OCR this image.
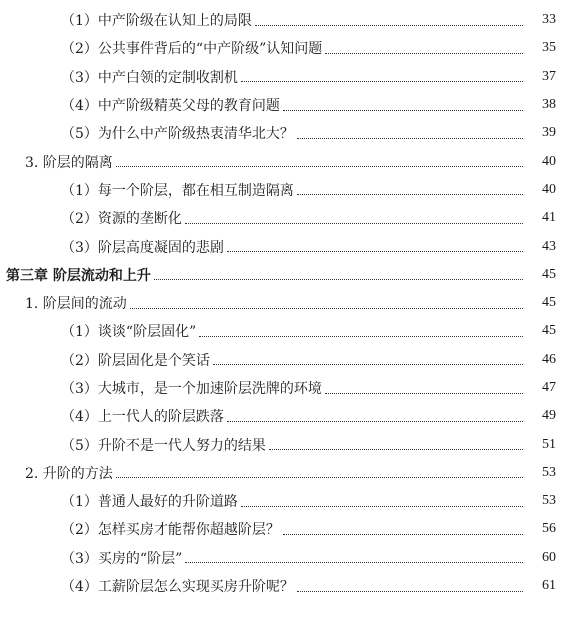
（1）中产阶级在认知上的局限	33
（2）公共事件背后的“中产阶级”认知问题	35
（3）中产白领的定制收割机	37
（4）中产阶级精英父母的教育问题	38
（5）为什么中产阶级热衷清华北大？	39
3. 阶层的隔离	40
（1）每一个阶层，都在相互制造隔离	40
（2）资源的垄断化	41
（3）阶层高度凝固的悲剧	43
第三章 阶层流动和上升	45
1. 阶层间的流动	45
（1）谈谈“阶层固化”	45
（2）阶层固化是个笑话	46
（3）大城市，是一个加速阶层洗牌的环境	47
（4）上一代人的阶层跌落	49
（5）升阶不是一代人努力的结果	51
2. 升阶的方法	53
（1）普通人最好的升阶道路	53
（2）怎样买房才能帮你超越阶层？	56
（3）买房的“阶层”	60
（4）工薪阶层怎么实现买房升阶呢？	61
